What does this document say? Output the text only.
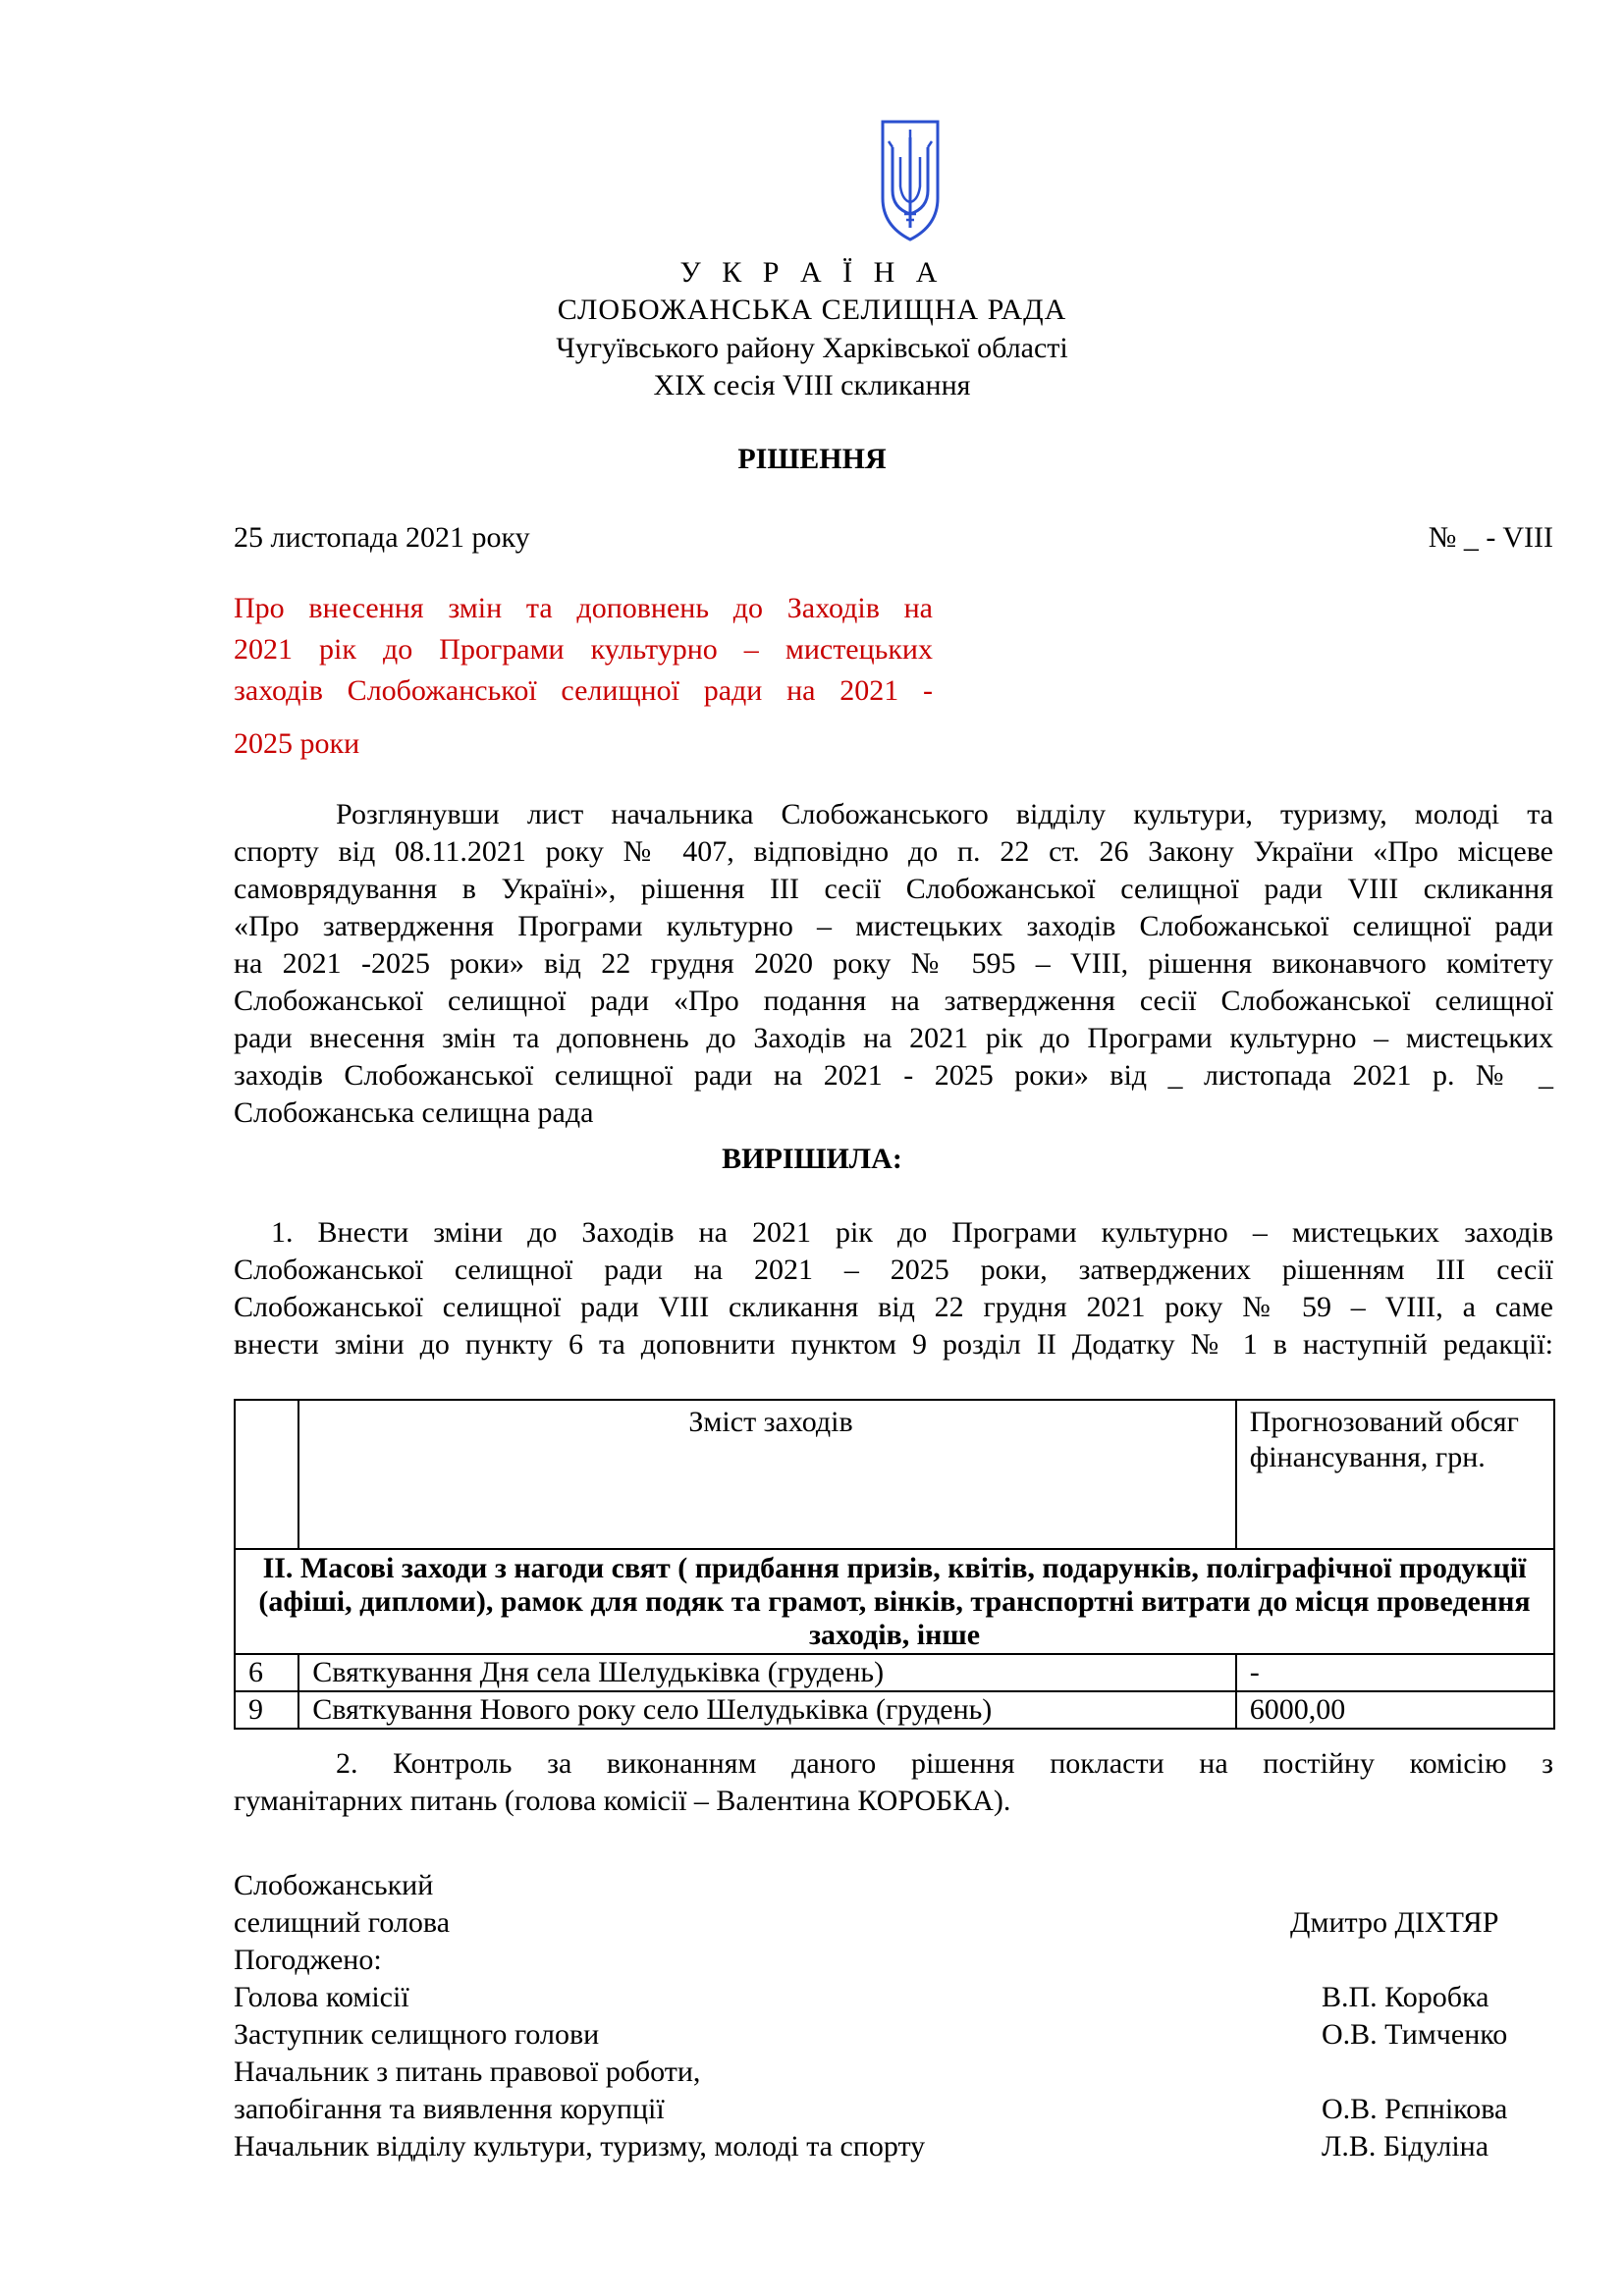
У К Р А Ї Н А
СЛОБОЖАНСЬКА СЕЛИЩНА РАДА
Чугуївського району Харківської області
XIX сесія VIII скликання
РІШЕННЯ
25 листопада 2021 року	№ _ - VIII
Про внесення змін та доповнень до Заходів на
2021 рік до Програми культурно – мистецьких
заходів Слобожанської селищної ради на 2021 -
2025 роки
Розглянувши лист начальника Слобожанського відділу культури, туризму, молоді та
спорту від 08.11.2021 року № 407, відповідно до п. 22 ст. 26 Закону України «Про місцеве
самоврядування в Україні», рішення ІІІ сесії Слобожанської селищної ради VIII скликання
«Про затвердження Програми культурно – мистецьких заходів Слобожанської селищної ради
на 2021 -2025 роки» від 22 грудня 2020 року № 595 – VIII, рішення виконавчого комітету
Слобожанської селищної ради «Про подання на затвердження сесії Слобожанської селищної
ради внесення змін та доповнень до Заходів на 2021 рік до Програми культурно – мистецьких
заходів Слобожанської селищної ради на 2021 - 2025 роки» від _ листопада 2021 р. № _
Слобожанська селищна рада
ВИРІШИЛА:
1. Внести зміни до Заходів на 2021 рік до Програми культурно – мистецьких заходів
Слобожанської селищної ради на 2021 – 2025 роки, затверджених рішенням ІІІ сесії
Слобожанської селищної ради VIII скликання від 22 грудня 2021 року № 59 – VIII, а саме
внести зміни до пункту 6 та доповнити пунктом 9 розділ ІІ Додатку № 1 в наступній редакції:
	Зміст заходів	Прогнозований обсяг фінансування, грн.
ІІ. Масові заходи з нагоди свят ( придбання призів, квітів, подарунків, поліграфічної продукції (афіші, дипломи), рамок для подяк та грамот, вінків, транспортні витрати до місця проведення заходів, інше		
6	Святкування Дня села Шелудьківка (грудень)	-
9	Святкування Нового року село Шелудьківка (грудень)	6000,00
2. Контроль за виконанням даного рішення покласти на постійну комісію з
гуманітарних питань (голова комісії – Валентина КОРОБКА).
Слобожанський
селищний голова	Дмитро ДІХТЯР
Погоджено:
Голова комісії	В.П. Коробка
Заступник селищного голови	О.В. Тимченко
Начальник з питань правової роботи,
запобігання та виявлення корупції	О.В. Рєпнікова
Начальник відділу культури, туризму, молоді та спорту	Л.В. Бідуліна
